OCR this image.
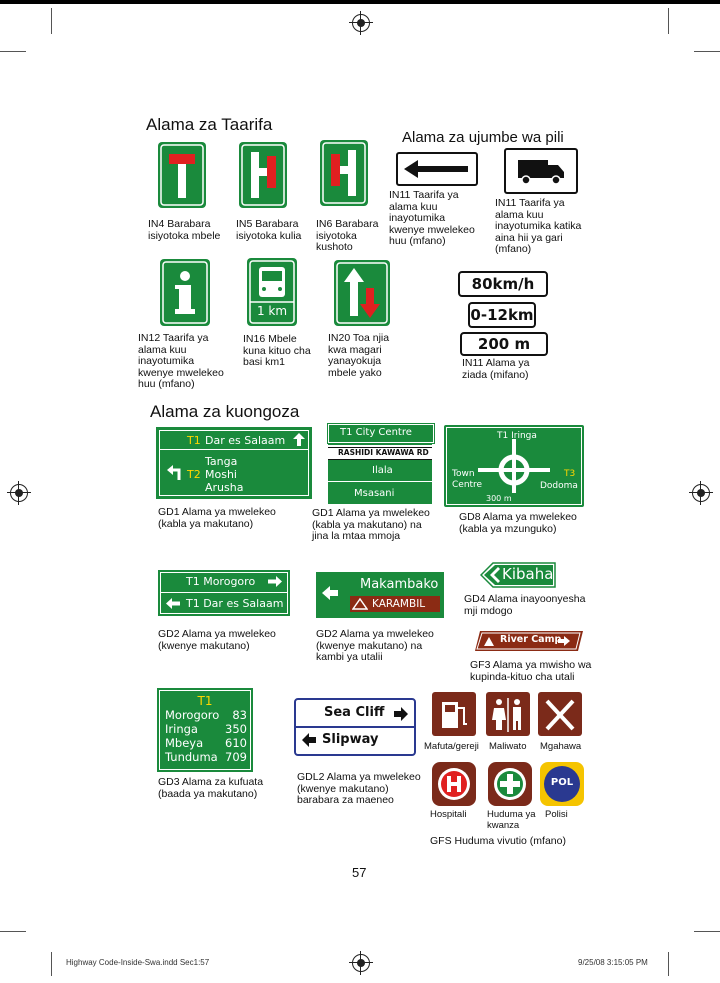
Alama za Taarifa
Alama za ujumbe wa pili
Alama za kuongoza
IN4 Barabara isiyotoka mbele
IN5 Barabara isiyotoka kulia
IN6 Barabara isiyotoka kushoto
IN11 Taarifa ya alama kuu inayotumika kwenye mwelekeo huu (mfano)
IN11 Taarifa ya alama kuu inayotumika katika aina hii ya gari (mfano)
IN12 Taarifa ya alama kuu inayotumika kwenye mwelekeo huu (mfano)
1 km
IN16 Mbele kuna kituo cha basi km1
IN20 Toa njia kwa magari yanayokuja mbele yako
80km/h
0-12km
200 m
IN11 Alama ya ziada (mifano)
T1 Dar es Salaam
Tanga
T2 Moshi
Arusha
GD1 Alama ya mwelekeo (kabla ya makutano)
T1 City Centre
RASHIDI KAWAWA RD
Ilala
Msasani
GD1 Alama ya mwelekeo (kabla ya makutano) na jina la mtaa mmoja
T1 Iringa
Town
Centre
T3
Dodoma
300 m
GD8 Alama ya mwelekeo (kabla ya mzunguko)
T1 Morogoro
T1 Dar es Salaam
GD2 Alama ya mwelekeo (kwenye makutano)
Makambako
KARAMBIL
GD2 Alama ya mwelekeo (kwenye makutano) na kambi ya utalii
Kibaha
GD4 Alama inayoonyesha mji mdogo
River Camp
GF3 Alama ya mwisho wa kupinda-kituo cha utali
T1
Morogoro 83
Iringa 350
Mbeya 610
Tunduma 709
GD3 Alama za kufuata (baada ya makutano)
Sea Cliff
Slipway
GDL2 Alama ya mwelekeo (kwenye makutano) barabara za maeneo
Mafuta/gereji Maliwato Mgahawa
Hospitali Huduma ya kwanza
POL
Polisi
GFS Huduma vivutio (mfano)
57
Highway Code-Inside-Swa.indd Sec1:57	9/25/08 3:15:05 PM
